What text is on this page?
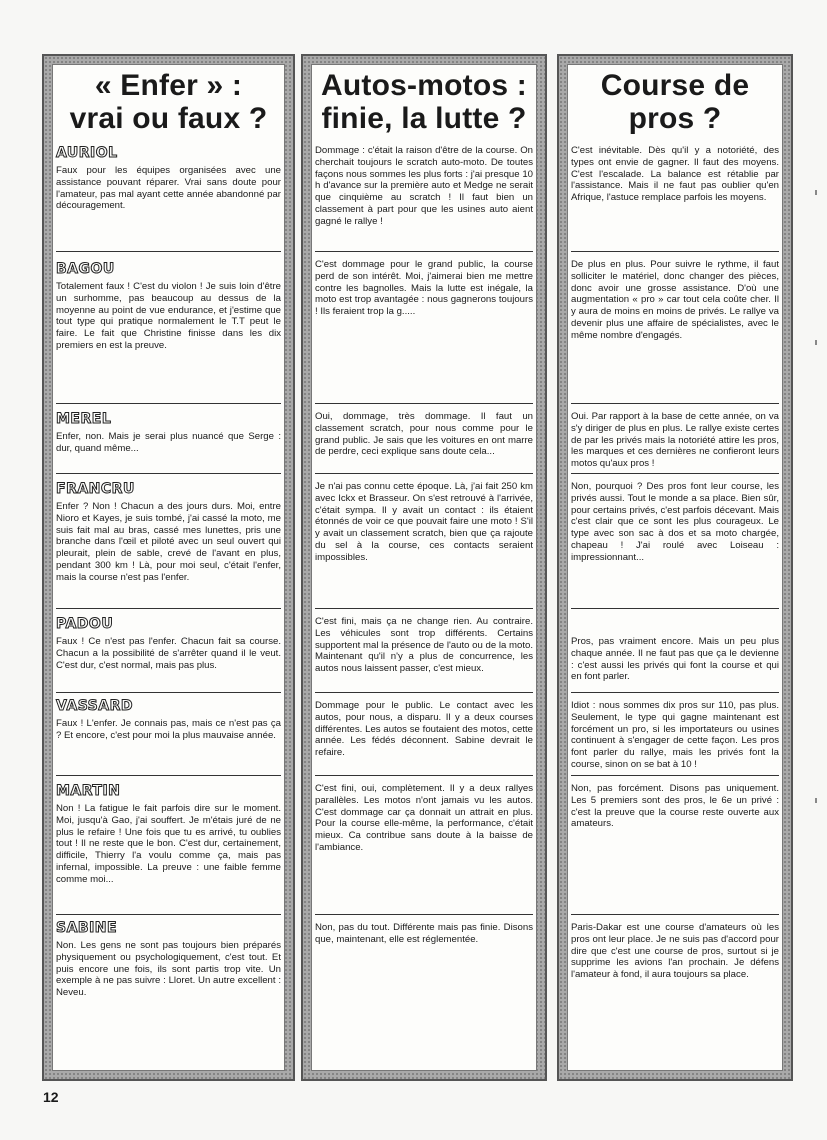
« Enfer » :
vrai ou faux ?
AURIOL
Faux pour les équipes organisées avec une assistance pouvant réparer. Vrai sans doute pour l'amateur, pas mal ayant cette année abandonné par découragement.
BAGOU
Totalement faux ! C'est du violon ! Je suis loin d'être un surhomme, pas beaucoup au dessus de la moyenne au point de vue endurance, et j'estime que tout type qui pratique normalement le T.T peut le faire. Le fait que Christine finisse dans les dix premiers en est la preuve.
MEREL
Enfer, non. Mais je serai plus nuancé que Serge : dur, quand même...
FRANCRU
Enfer ? Non ! Chacun a des jours durs. Moi, entre Nioro et Kayes, je suis tombé, j'ai cassé la moto, me suis fait mal au bras, cassé mes lunettes, pris une branche dans l'œil et piloté avec un seul ouvert qui pleurait, plein de sable, crevé de l'avant en plus, pendant 300 km ! Là, pour moi seul, c'était l'enfer, mais la course n'est pas l'enfer.
PADOU
Faux ! Ce n'est pas l'enfer. Chacun fait sa course. Chacun a la possibilité de s'arrêter quand il le veut. C'est dur, c'est normal, mais pas plus.
VASSARD
Faux ! L'enfer. Je connais pas, mais ce n'est pas ça ? Et encore, c'est pour moi la plus mauvaise année.
MARTIN
Non ! La fatigue le fait parfois dire sur le moment. Moi, jusqu'à Gao, j'ai souffert. Je m'étais juré de ne plus le refaire ! Une fois que tu es arrivé, tu oublies tout ! Il ne reste que le bon. C'est dur, certainement, difficile, Thierry l'a voulu comme ça, mais pas infernal, impossible. La preuve : une faible femme comme moi...
SABINE
Non. Les gens ne sont pas toujours bien préparés physiquement ou psychologiquement, c'est tout. Et puis encore une fois, ils sont partis trop vite. Un exemple à ne pas suivre : Lloret. Un autre excellent : Neveu.
Autos-motos :
finie, la lutte ?
Dommage : c'était la raison d'être de la course. On cherchait toujours le scratch auto-moto. De toutes façons nous sommes les plus forts : j'ai presque 10 h d'avance sur la première auto et Medge ne serait que cinquième au scratch ! Il faut bien un classement à part pour que les usines auto aient gagné le rallye !
C'est dommage pour le grand public, la course perd de son intérêt. Moi, j'aimerai bien me mettre contre les bagnolles. Mais la lutte est inégale, la moto est trop avantagée : nous gagnerons toujours ! Ils feraient trop la g.....
Oui, dommage, très dommage. Il faut un classement scratch, pour nous comme pour le grand public. Je sais que les voitures en ont marre de perdre, ceci explique sans doute cela...
Je n'ai pas connu cette époque. Là, j'ai fait 250 km avec Ickx et Brasseur. On s'est retrouvé à l'arrivée, c'était sympa. Il y avait un contact : ils étaient étonnés de voir ce que pouvait faire une moto ! S'il y avait un classement scratch, bien que ça rajoute du sel à la course, ces contacts seraient impossibles.
C'est fini, mais ça ne change rien. Au contraire. Les véhicules sont trop différents. Certains supportent mal la présence de l'auto ou de la moto. Maintenant qu'il n'y a plus de concurrence, les autos nous laissent passer, c'est mieux.
Dommage pour le public. Le contact avec les autos, pour nous, a disparu. Il y a deux courses différentes. Les autos se foutaient des motos, cette année. Les fédés déconnent. Sabine devrait le refaire.
C'est fini, oui, complètement. Il y a deux rallyes parallèles. Les motos n'ont jamais vu les autos. C'est dommage car ça donnait un attrait en plus. Pour la course elle-même, la performance, c'était mieux. Ca contribue sans doute à la baisse de l'ambiance.
Non, pas du tout. Différente mais pas finie. Disons que, maintenant, elle est réglementée.
Course de
pros ?
C'est inévitable. Dès qu'il y a notoriété, des types ont envie de gagner. Il faut des moyens. C'est l'escalade. La balance est rétablie par l'assistance. Mais il ne faut pas oublier qu'en Afrique, l'astuce remplace parfois les moyens.
De plus en plus. Pour suivre le rythme, il faut solliciter le matériel, donc changer des pièces, donc avoir une grosse assistance. D'où une augmentation « pro » car tout cela coûte cher. Il y aura de moins en moins de privés. Le rallye va devenir plus une affaire de spécialistes, avec le même nombre d'engagés.
Oui. Par rapport à la base de cette année, on va s'y diriger de plus en plus. Le rallye existe certes de par les privés mais la notoriété attire les pros, les marques et ces dernières ne confieront leurs motos qu'aux pros !
Non, pourquoi ? Des pros font leur course, les privés aussi. Tout le monde a sa place. Bien sûr, pour certains privés, c'est parfois décevant. Mais c'est clair que ce sont les plus courageux. Le type avec son sac à dos et sa moto chargée, chapeau ! J'ai roulé avec Loiseau : impressionnant...
Pros, pas vraiment encore. Mais un peu plus chaque année. Il ne faut pas que ça le devienne : c'est aussi les privés qui font la course et qui en font parler.
Idiot : nous sommes dix pros sur 110, pas plus. Seulement, le type qui gagne maintenant est forcément un pro, si les importateurs ou usines continuent à s'engager de cette façon. Les pros font parler du rallye, mais les privés font la course, sinon on se bat à 10 !
Non, pas forcément. Disons pas uniquement. Les 5 premiers sont des pros, le 6e un privé : c'est la preuve que la course reste ouverte aux amateurs.
Paris-Dakar est une course d'amateurs où les pros ont leur place. Je ne suis pas d'accord pour dire que c'est une course de pros, surtout si je supprime les avions l'an prochain. Je défens l'amateur à fond, il aura toujours sa place.
12
